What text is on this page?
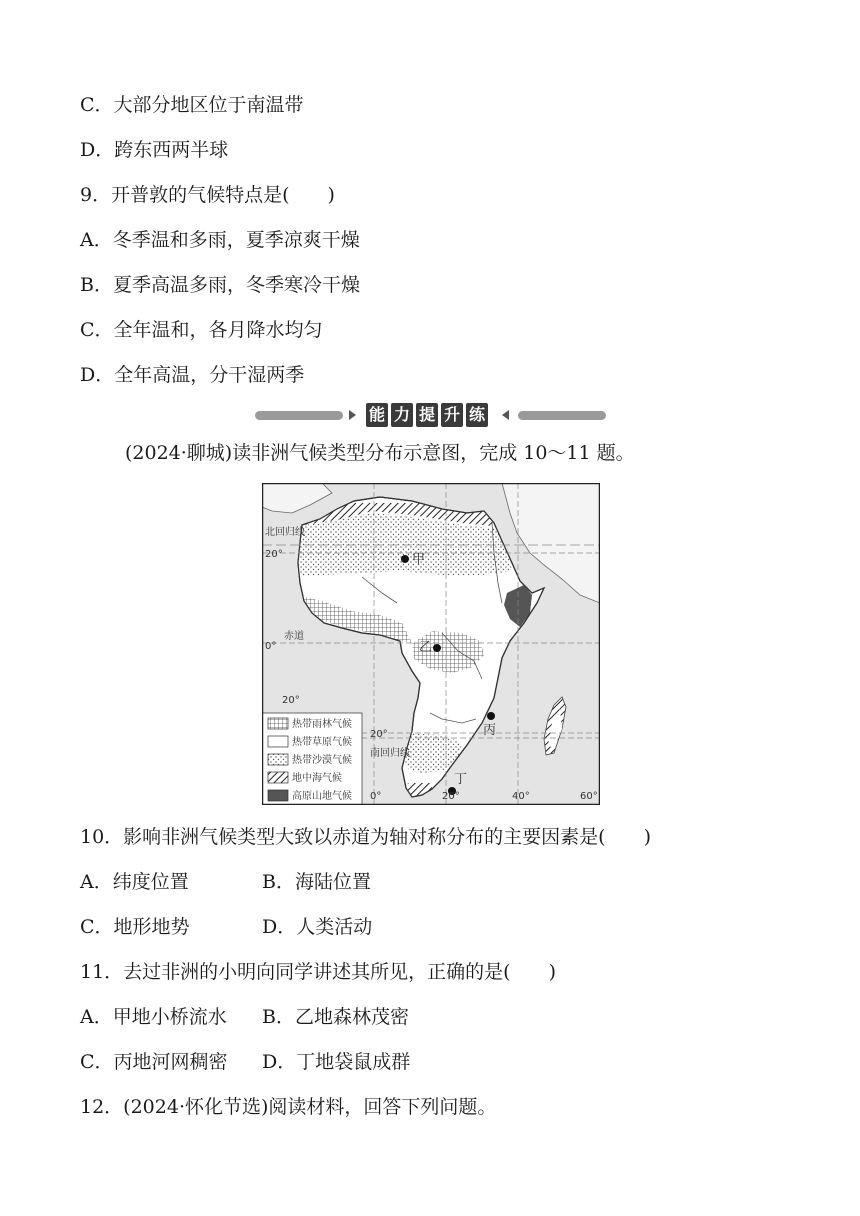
C．大部分地区位于南温带
D．跨东西两半球
9．开普敦的气候特点是(　　)
A．冬季温和多雨，夏季凉爽干燥
B．夏季高温多雨，冬季寒冷干燥
C．全年温和，各月降水均匀
D．全年高温，分干湿两季
能 力 提 升 练
(2024·聊城)读非洲气候类型分布示意图，完成 10～11 题。
甲
乙
丙
丁
北回归线
20°
赤道
0°
20°
南回归线
20°
0°	20°	40°	60°
热带雨林气候
热带草原气候
热带沙漠气候
地中海气候
高原山地气候
10．影响非洲气候类型大致以赤道为轴对称分布的主要因素是(　　)
A．纬度位置	B．海陆位置
C．地形地势	D．人类活动
11．去过非洲的小明向同学讲述其所见，正确的是(　　)
A．甲地小桥流水 B．乙地森林茂密
C．丙地河网稠密 D．丁地袋鼠成群
12．(2024·怀化节选)阅读材料，回答下列问题。
